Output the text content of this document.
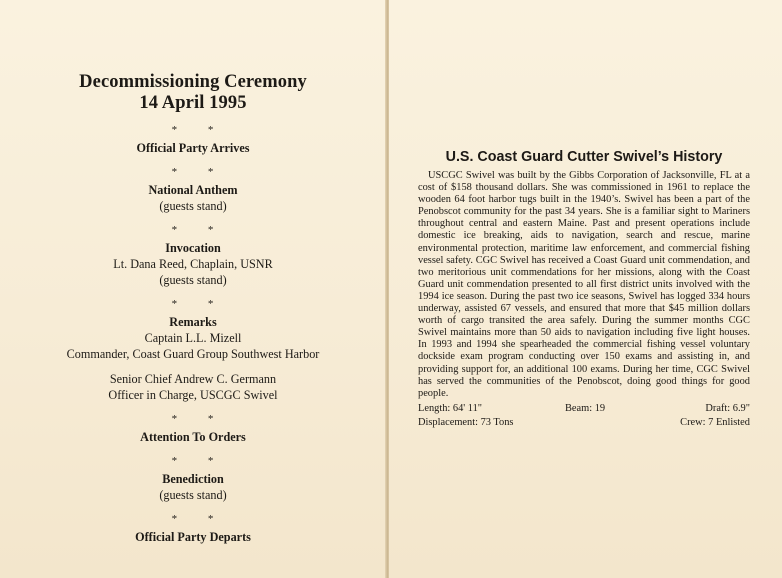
Decommissioning Ceremony
14 April 1995
* *
Official Party Arrives
* *
National Anthem
(guests stand)
* *
Invocation
Lt. Dana Reed, Chaplain, USNR
(guests stand)
* *
Remarks
Captain L.L. Mizell
Commander, Coast Guard Group Southwest Harbor
Senior Chief Andrew C. Germann
Officer in Charge, USCGC Swivel
* *
Attention To Orders
* *
Benediction
(guests stand)
* *
Official Party Departs
U.S. Coast Guard Cutter Swivel’s History

USCGC Swivel was built by the Gibbs Corporation of Jacksonville, FL at a cost of $158 thousand dollars. She was commissioned in 1961 to replace the wooden 64 foot harbor tugs built in the 1940’s. Swivel has been a part of the Penobscot community for the past 34 years. She is a familiar sight to Mariners throughout central and eastern Maine. Past and present operations include domestic ice breaking, aids to navigation, search and rescue, marine environmental protection, maritime law enforcement, and commercial fishing vessel safety. CGC Swivel has received a Coast Guard unit commendation, and two meritorious unit commendations for her missions, along with the Coast Guard unit commendation presented to all first district units involved with the 1994 ice season. During the past two ice seasons, Swivel has logged 334 hours underway, assisted 67 vessels, and ensured that more that $45 million dollars worth of cargo transited the area safely. During the summer months CGC Swivel maintains more than 50 aids to navigation including five light houses. In 1993 and 1994 she spearheaded the commercial fishing vessel voluntary dockside exam program conducting over 150 exams and assisting in, and providing support for, an additional 100 exams. During her time, CGC Swivel has served the communities of the Penobscot, doing good things for good people.

Length: 64' 11"	Beam: 19	Draft: 6.9"
Displacement: 73 Tons	Crew: 7 Enlisted
